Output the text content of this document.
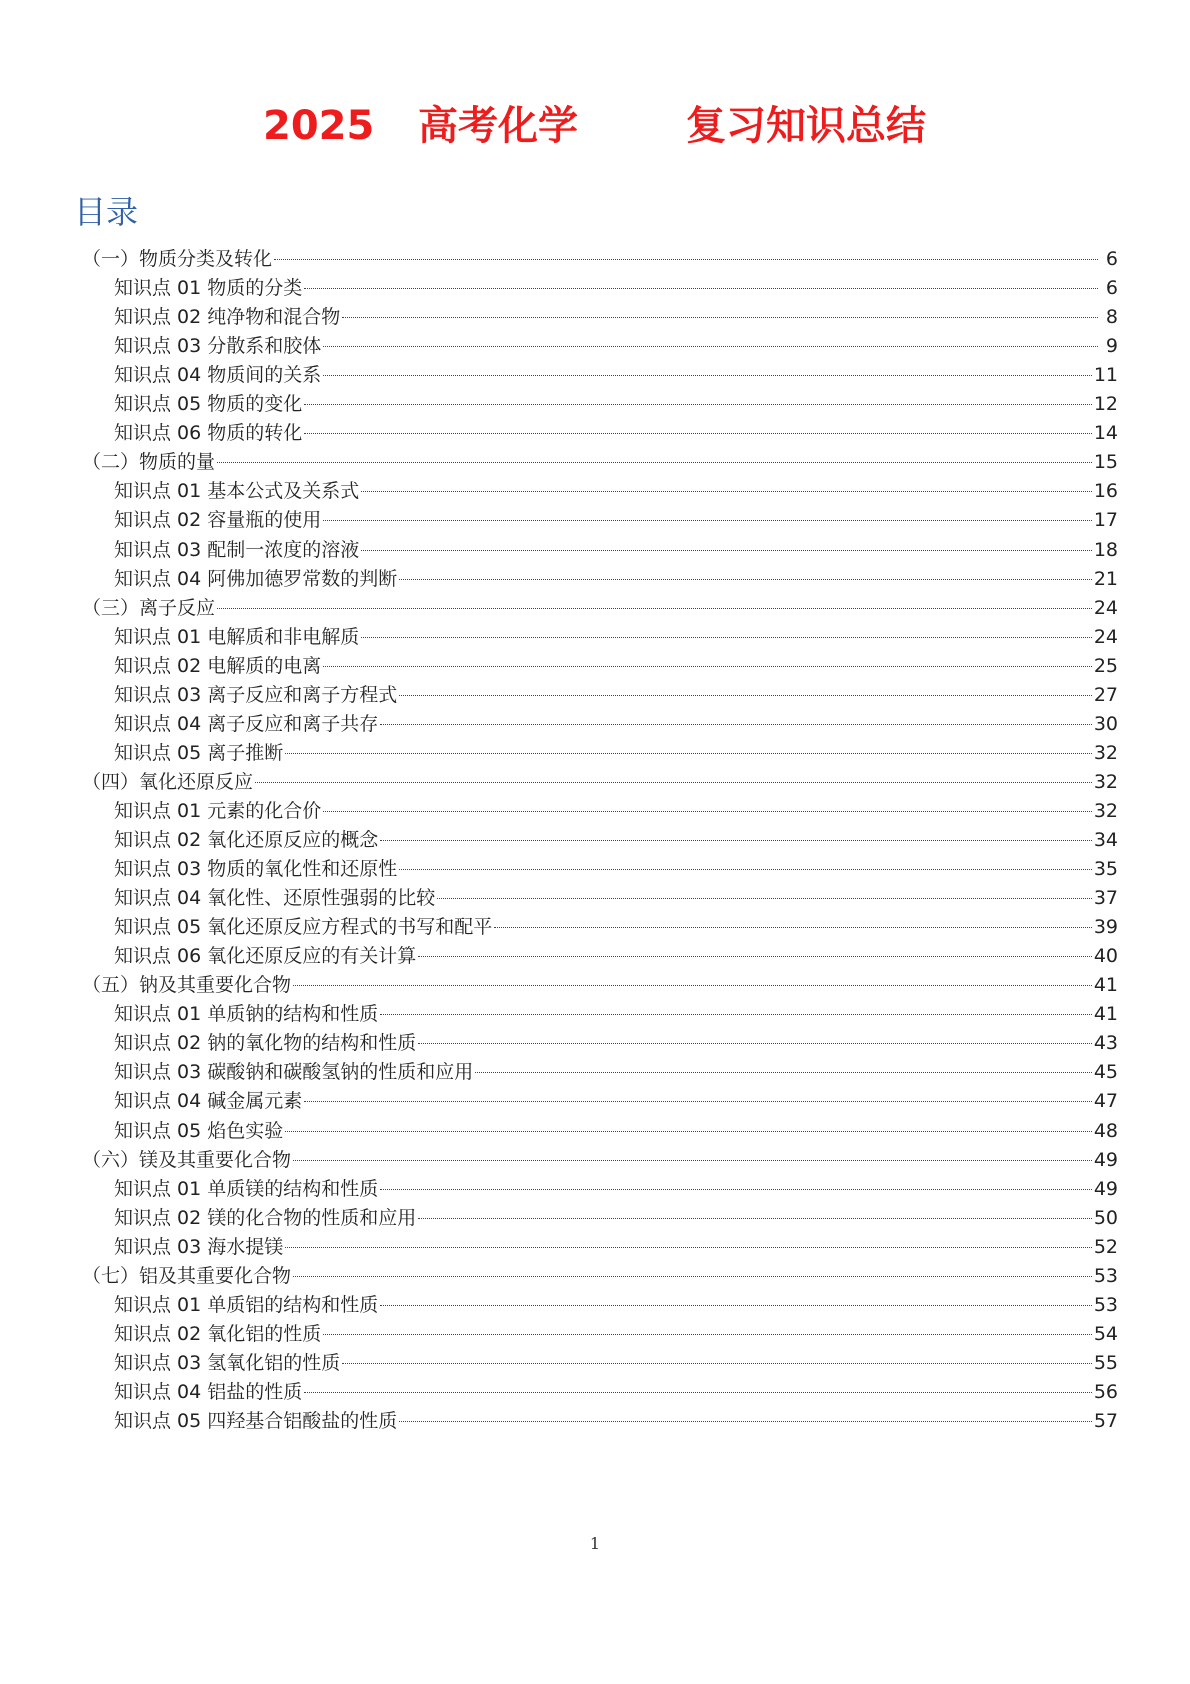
2025 高考化学	复习知识总结
目录
（一）物质分类及转化	6
知识点 01 物质的分类	6
知识点 02 纯净物和混合物	8
知识点 03 分散系和胶体	9
知识点 04 物质间的关系	11
知识点 05 物质的变化	12
知识点 06 物质的转化	14
（二）物质的量	15
知识点 01 基本公式及关系式	16
知识点 02 容量瓶的使用	17
知识点 03 配制一浓度的溶液	18
知识点 04 阿佛加德罗常数的判断	21
（三）离子反应	24
知识点 01 电解质和非电解质	24
知识点 02 电解质的电离	25
知识点 03 离子反应和离子方程式	27
知识点 04 离子反应和离子共存	30
知识点 05 离子推断	32
（四）氧化还原反应	32
知识点 01 元素的化合价	32
知识点 02 氧化还原反应的概念	34
知识点 03 物质的氧化性和还原性	35
知识点 04 氧化性、还原性强弱的比较	37
知识点 05 氧化还原反应方程式的书写和配平	39
知识点 06 氧化还原反应的有关计算	40
（五）钠及其重要化合物	41
知识点 01 单质钠的结构和性质	41
知识点 02 钠的氧化物的结构和性质	43
知识点 03 碳酸钠和碳酸氢钠的性质和应用	45
知识点 04 碱金属元素	47
知识点 05 焰色实验	48
（六）镁及其重要化合物	49
知识点 01 单质镁的结构和性质	49
知识点 02 镁的化合物的性质和应用	50
知识点 03 海水提镁	52
（七）铝及其重要化合物	53
知识点 01 单质铝的结构和性质	53
知识点 02 氧化铝的性质	54
知识点 03 氢氧化铝的性质	55
知识点 04 铝盐的性质	56
知识点 05 四羟基合铝酸盐的性质	57
1
